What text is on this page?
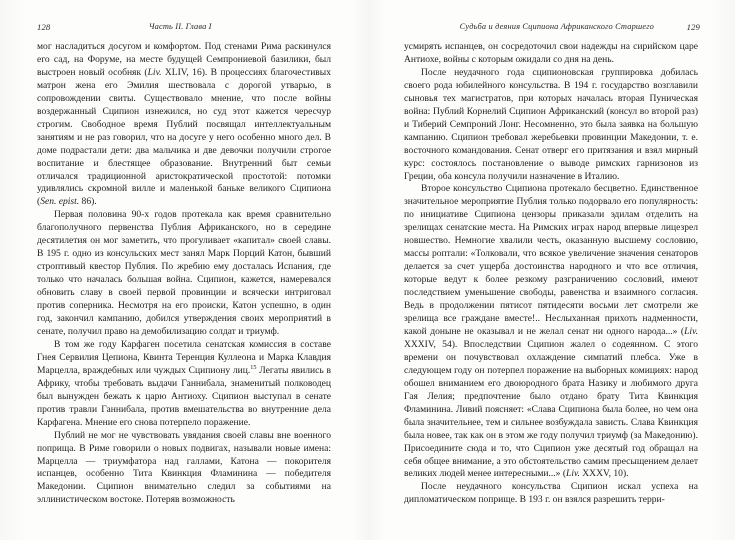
128	Часть II. Глава I

мог насладиться досугом и комфортом. Под стенами Рима раскинулся его сад, на Форуме, на месте будущей Семпрониевой базилики, был выстроен новый особняк (Liv. XLIV, 16). В процессиях благочестивых матрон жена его Эмилия шествовала с дорогой утварью, в сопровождении свиты. Существовало мнение, что после войны воздержанный Сципион изнежился, но суд этот кажется чересчур строгим. Свободное время Публий посвящал интеллектуальным занятиям и не раз говорил, что на досуге у него особенно много дел. В доме подрастали дети: два мальчика и две девочки получили строгое воспитание и блестящее образование. Внутренний быт семьи отличался традиционной аристократической простотой: потомки удивлялись скромной вилле и маленькой баньке великого Сципиона (Sen. epist. 86).

Первая половина 90-х годов протекала как время сравнительно благополучного первенства Публия Африканского, но в середине десятилетия он мог заметить, что прогуливает «капитал» своей славы. В 195 г. одно из консульских мест занял Марк Порций Катон, бывший строптивый квестор Публия. По жребию ему досталась Испания, где только что началась большая война. Сципион, кажется, намеревался обновить славу в своей первой провинции и всячески интриговал против соперника. Несмотря на его происки, Катон успешно, в один год, закончил кампанию, добился утверждения своих мероприятий в сенате, получил право на демобилизацию солдат и триумф.

В том же году Карфаген посетила сенатская комиссия в составе Гнея Сервилия Цепиона, Квинта Теренция Куллеона и Марка Клавдия Марцелла, враждебных или чуждых Сципиону лиц.$^{15}$ Легаты явились в Африку, чтобы требовать выдачи Ганнибала, знаменитый полководец был вынужден бежать к царю Антиоху. Сципион выступал в сенате против травли Ганнибала, против вмешательства во внутренние дела Карфагена. Мнение его снова потерпело поражение.

Публий не мог не чувствовать увядания своей славы вне военного поприща. В Риме говорили о новых подвигах, называли новые имена: Марцелла — триумфатора над галлами, Катона — покорителя испанцев, особенно Тита Квинкция Фламинина — победителя Македонии. Сципион внимательно следил за событиями на эллинистическом востоке. Потеряв возможность

Судьба и деяния Сципиона Африканского Старшего	129

усмирять испанцев, он сосредоточил свои надежды на сирийском царе Антиохе, войны с которым ожидали со дня на день.

После неудачного года сципионовская группировка добилась своего рода юбилейного консульства. В 194 г. государство возглавили сыновья тех магистратов, при которых началась вторая Пуническая война: Публий Корнелий Сципион Африканский (консул во второй раз) и Тиберий Семпроний Лонг. Несомненно, это была заявка на большую кампанию. Сципион требовал жеребьевки провинции Македонии, т. е. восточного командования. Сенат отверг его притязания и взял мирный курс: состоялось постановление о выводе римских гарнизонов из Греции, оба консула получили назначение в Италию.

Второе консульство Сципиона протекало бесцветно. Единственное значительное мероприятие Публия только подорвало его популярность: по инициативе Сципиона цензоры приказали эдилам отделить на зрелищах сенатские места. На Римских играх народ впервые лицезрел новшество. Немногие хвалили честь, оказанную высшему сословию, массы роптали: «Толковали, что всякое увеличение значения сенаторов делается за счет ущерба достоинства народного и что все отличия, которые ведут к более резкому разграничению сословий, имеют последствием уменьшение свободы, равенства и взаимного согласия. Ведь в продолжении пятисот пятидесяти восьми лет смотрели же зрелища все граждане вместе!.. Неслыханная прихоть надменности, какой доныне не оказывал и не желал сенат ни одного народа...» (Liv. XXXIV, 54). Впоследствии Сципион жалел о содеянном. С этого времени он почувствовал охлаждение симпатий плебса. Уже в следующем году он потерпел поражение на выборных комициях: народ обошел вниманием его двоюродного брата Назику и любимого друга Гая Лелия; предпочтение было отдано брату Тита Квинкция Фламинина. Ливий поясняет: «Слава Сципиона была более, но чем она была значительнее, тем и сильнее возбуждала зависть. Слава Квинкция была новее, так как он в этом же году получил триумф (за Македонию). Присоедините сюда и то, что Сципион уже десятый год обращал на себя общее внимание, а это обстоятельство самим пресыщением делает великих людей менее интересными...» (Liv. XXXV, 10).

После неудачного консульства Сципион искал успеха на дипломатическом поприще. В 193 г. он взялся разрешить терри-
